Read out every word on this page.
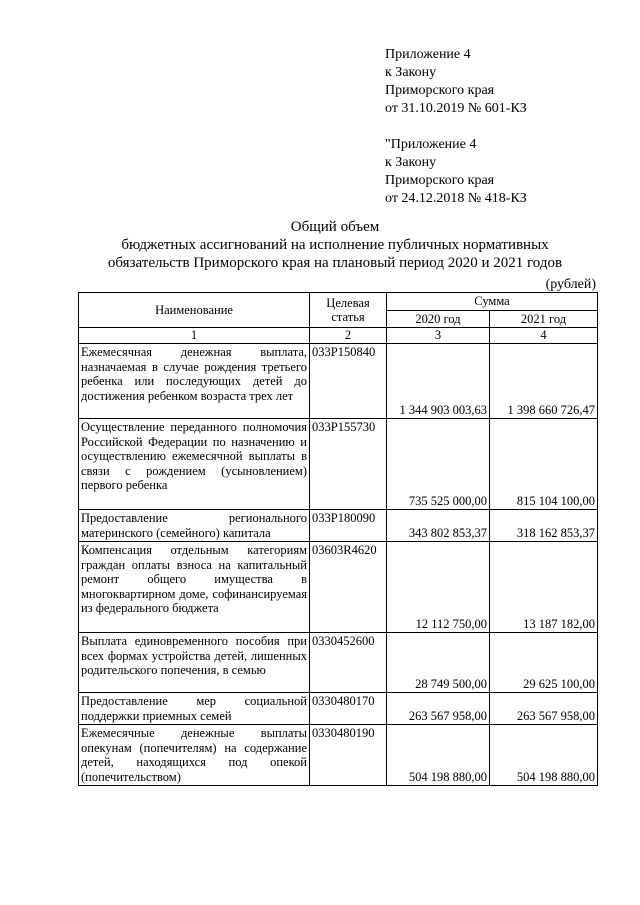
Приложение 4
к Закону
Приморского края
от 31.10.2019 № 601-КЗ
"Приложение 4
к Закону
Приморского края
от 24.12.2018 № 418-КЗ
Общий объем
бюджетных ассигнований на исполнение публичных нормативных
обязательств Приморского края на плановый период 2020 и 2021 годов
(рублей)
Наименование	Целевая статья	Сумма	
		2020 год	2021 год
1	2	3	4
Ежемесячная денежная выплата, назначаемая в случае рождения третьего ребенка или последующих детей до достижения ребенком возраста трех лет	033P150840	1 344 903 003,63	1 398 660 726,47
Осуществление переданного полномочия Российской Федерации по назначению и осуществлению ежемесячной выплаты в связи с рождением (усыновлением) первого ребенка	033P155730	735 525 000,00	815 104 100,00
Предоставление регионального материнского (семейного) капитала	033P180090	343 802 853,37	318 162 853,37
Компенсация отдельным категориям граждан оплаты взноса на капитальный ремонт общего имущества в многоквартирном доме, софинансируемая из федерального бюджета	03603R4620	12 112 750,00	13 187 182,00
Выплата единовременного пособия при всех формах устройства детей, лишенных родительского попечения, в семью	0330452600	28 749 500,00	29 625 100,00
Предоставление мер социальной поддержки приемных семей	0330480170	263 567 958,00	263 567 958,00
Ежемесячные денежные выплаты опекунам (попечителям) на содержание детей, находящихся под опекой (попечительством)	0330480190	504 198 880,00	504 198 880,00
